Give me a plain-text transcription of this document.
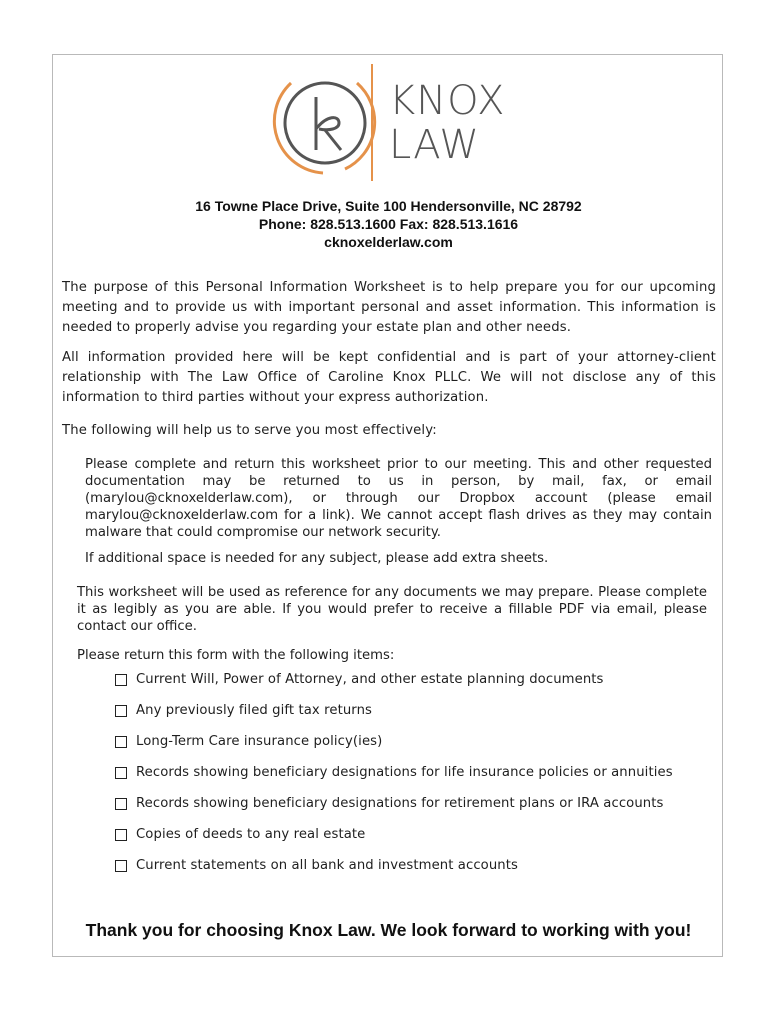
KNOX
LAW
16 Towne Place Drive, Suite 100 Hendersonville, NC 28792
Phone: 828.513.1600 Fax: 828.513.1616
cknoxelderlaw.com

The purpose of this Personal Information Worksheet is to help prepare you for our upcoming meeting and to provide us with important personal and asset information. This information is needed to properly advise you regarding your estate plan and other needs.

All information provided here will be kept confidential and is part of your attorney-client relationship with The Law Office of Caroline Knox PLLC. We will not disclose any of this information to third parties without your express authorization.

The following will help us to serve you most effectively:

Please complete and return this worksheet prior to our meeting. This and other requested documentation may be returned to us in person, by mail, fax, or email (marylou@cknoxelderlaw.com), or through our Dropbox account (please email marylou@cknoxelderlaw.com for a link). We cannot accept flash drives as they may contain malware that could compromise our network security.

If additional space is needed for any subject, please add extra sheets.

This worksheet will be used as reference for any documents we may prepare. Please complete it as legibly as you are able. If you would prefer to receive a fillable PDF via email, please contact our office.

Please return this form with the following items:

Current Will, Power of Attorney, and other estate planning documents
Any previously filed gift tax returns
Long-Term Care insurance policy(ies)
Records showing beneficiary designations for life insurance policies or annuities
Records showing beneficiary designations for retirement plans or IRA accounts
Copies of deeds to any real estate
Current statements on all bank and investment accounts
Thank you for choosing Knox Law. We look forward to working with you!
